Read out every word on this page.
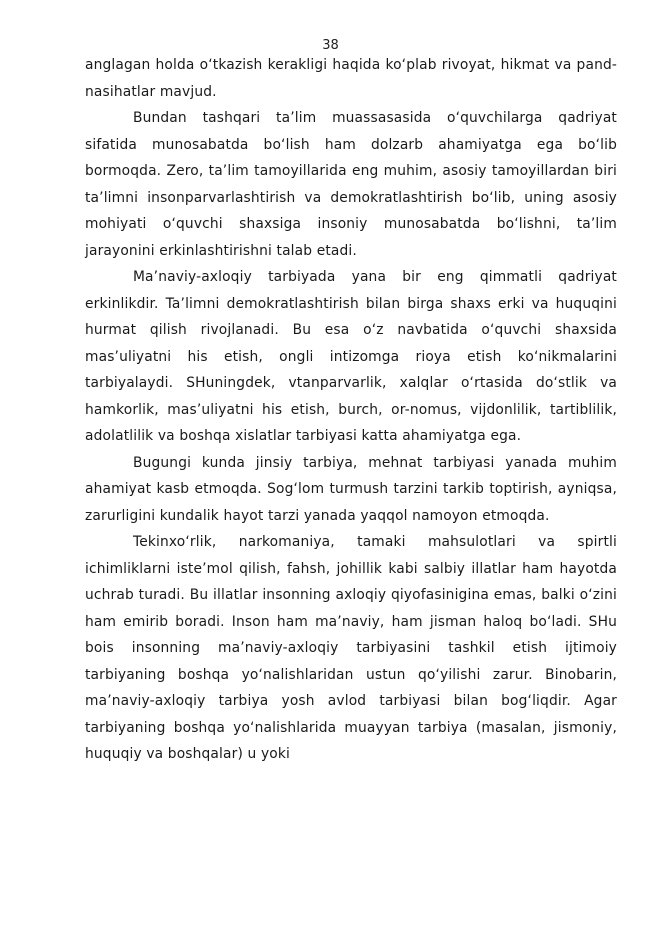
38

anglagan holda o‘tkazish kerakligi haqida ko‘plab rivoyat, hikmat va pand-nasihatlar mavjud.

Bundan tashqari ta’lim muassasasida o‘quvchilarga qadriyat sifatida munosabatda bo‘lish ham dolzarb ahamiyatga ega bo‘lib bormoqda. Zero, ta’lim tamoyillarida eng muhim, asosiy tamoyillardan biri ta’limni insonparvarlashtirish va demokratlashtirish bo‘lib, uning asosiy mohiyati o‘quvchi shaxsiga insoniy munosabatda bo‘lishni, ta’lim jarayonini erkinlashtirishni talab etadi.

Ma’naviy-axloqiy tarbiyada yana bir eng qimmatli qadriyat erkinlikdir. Ta’limni demokratlashtirish bilan birga shaxs erki va huquqini hurmat qilish rivojlanadi. Bu esa o‘z navbatida o‘quvchi shaxsida mas’uliyatni his etish, ongli intizomga rioya etish ko‘nikmalarini tarbiyalaydi. SHuningdek, vtanparvarlik, xalqlar o‘rtasida do‘stlik va hamkorlik, mas’uliyatni his etish, burch, or-nomus, vijdonlilik, tartiblilik, adolatlilik va boshqa xislatlar tarbiyasi katta ahamiyatga ega.

Bugungi kunda jinsiy tarbiya, mehnat tarbiyasi yanada muhim ahamiyat kasb etmoqda. Sog‘lom turmush tarzini tarkib toptirish, ayniqsa, zarurligini kundalik hayot tarzi yanada yaqqol namoyon etmoqda.

Tekinxo‘rlik, narkomaniya, tamaki mahsulotlari va spirtli ichimliklarni iste’mol qilish, fahsh, johillik kabi salbiy illatlar ham hayotda uchrab turadi. Bu illatlar insonning axloqiy qiyofasinigina emas, balki o‘zini ham emirib boradi. Inson ham ma’naviy, ham jisman haloq bo‘ladi. SHu bois insonning ma’naviy-axloqiy tarbiyasini tashkil etish ijtimoiy tarbiyaning boshqa yo‘nalishlaridan ustun qo‘yilishi zarur. Binobarin, ma’naviy-axloqiy tarbiya yosh avlod tarbiyasi bilan bog‘liqdir. Agar tarbiyaning boshqa yo‘nalishlarida muayyan tarbiya (masalan, jismoniy, huquqiy va boshqalar) u yoki
